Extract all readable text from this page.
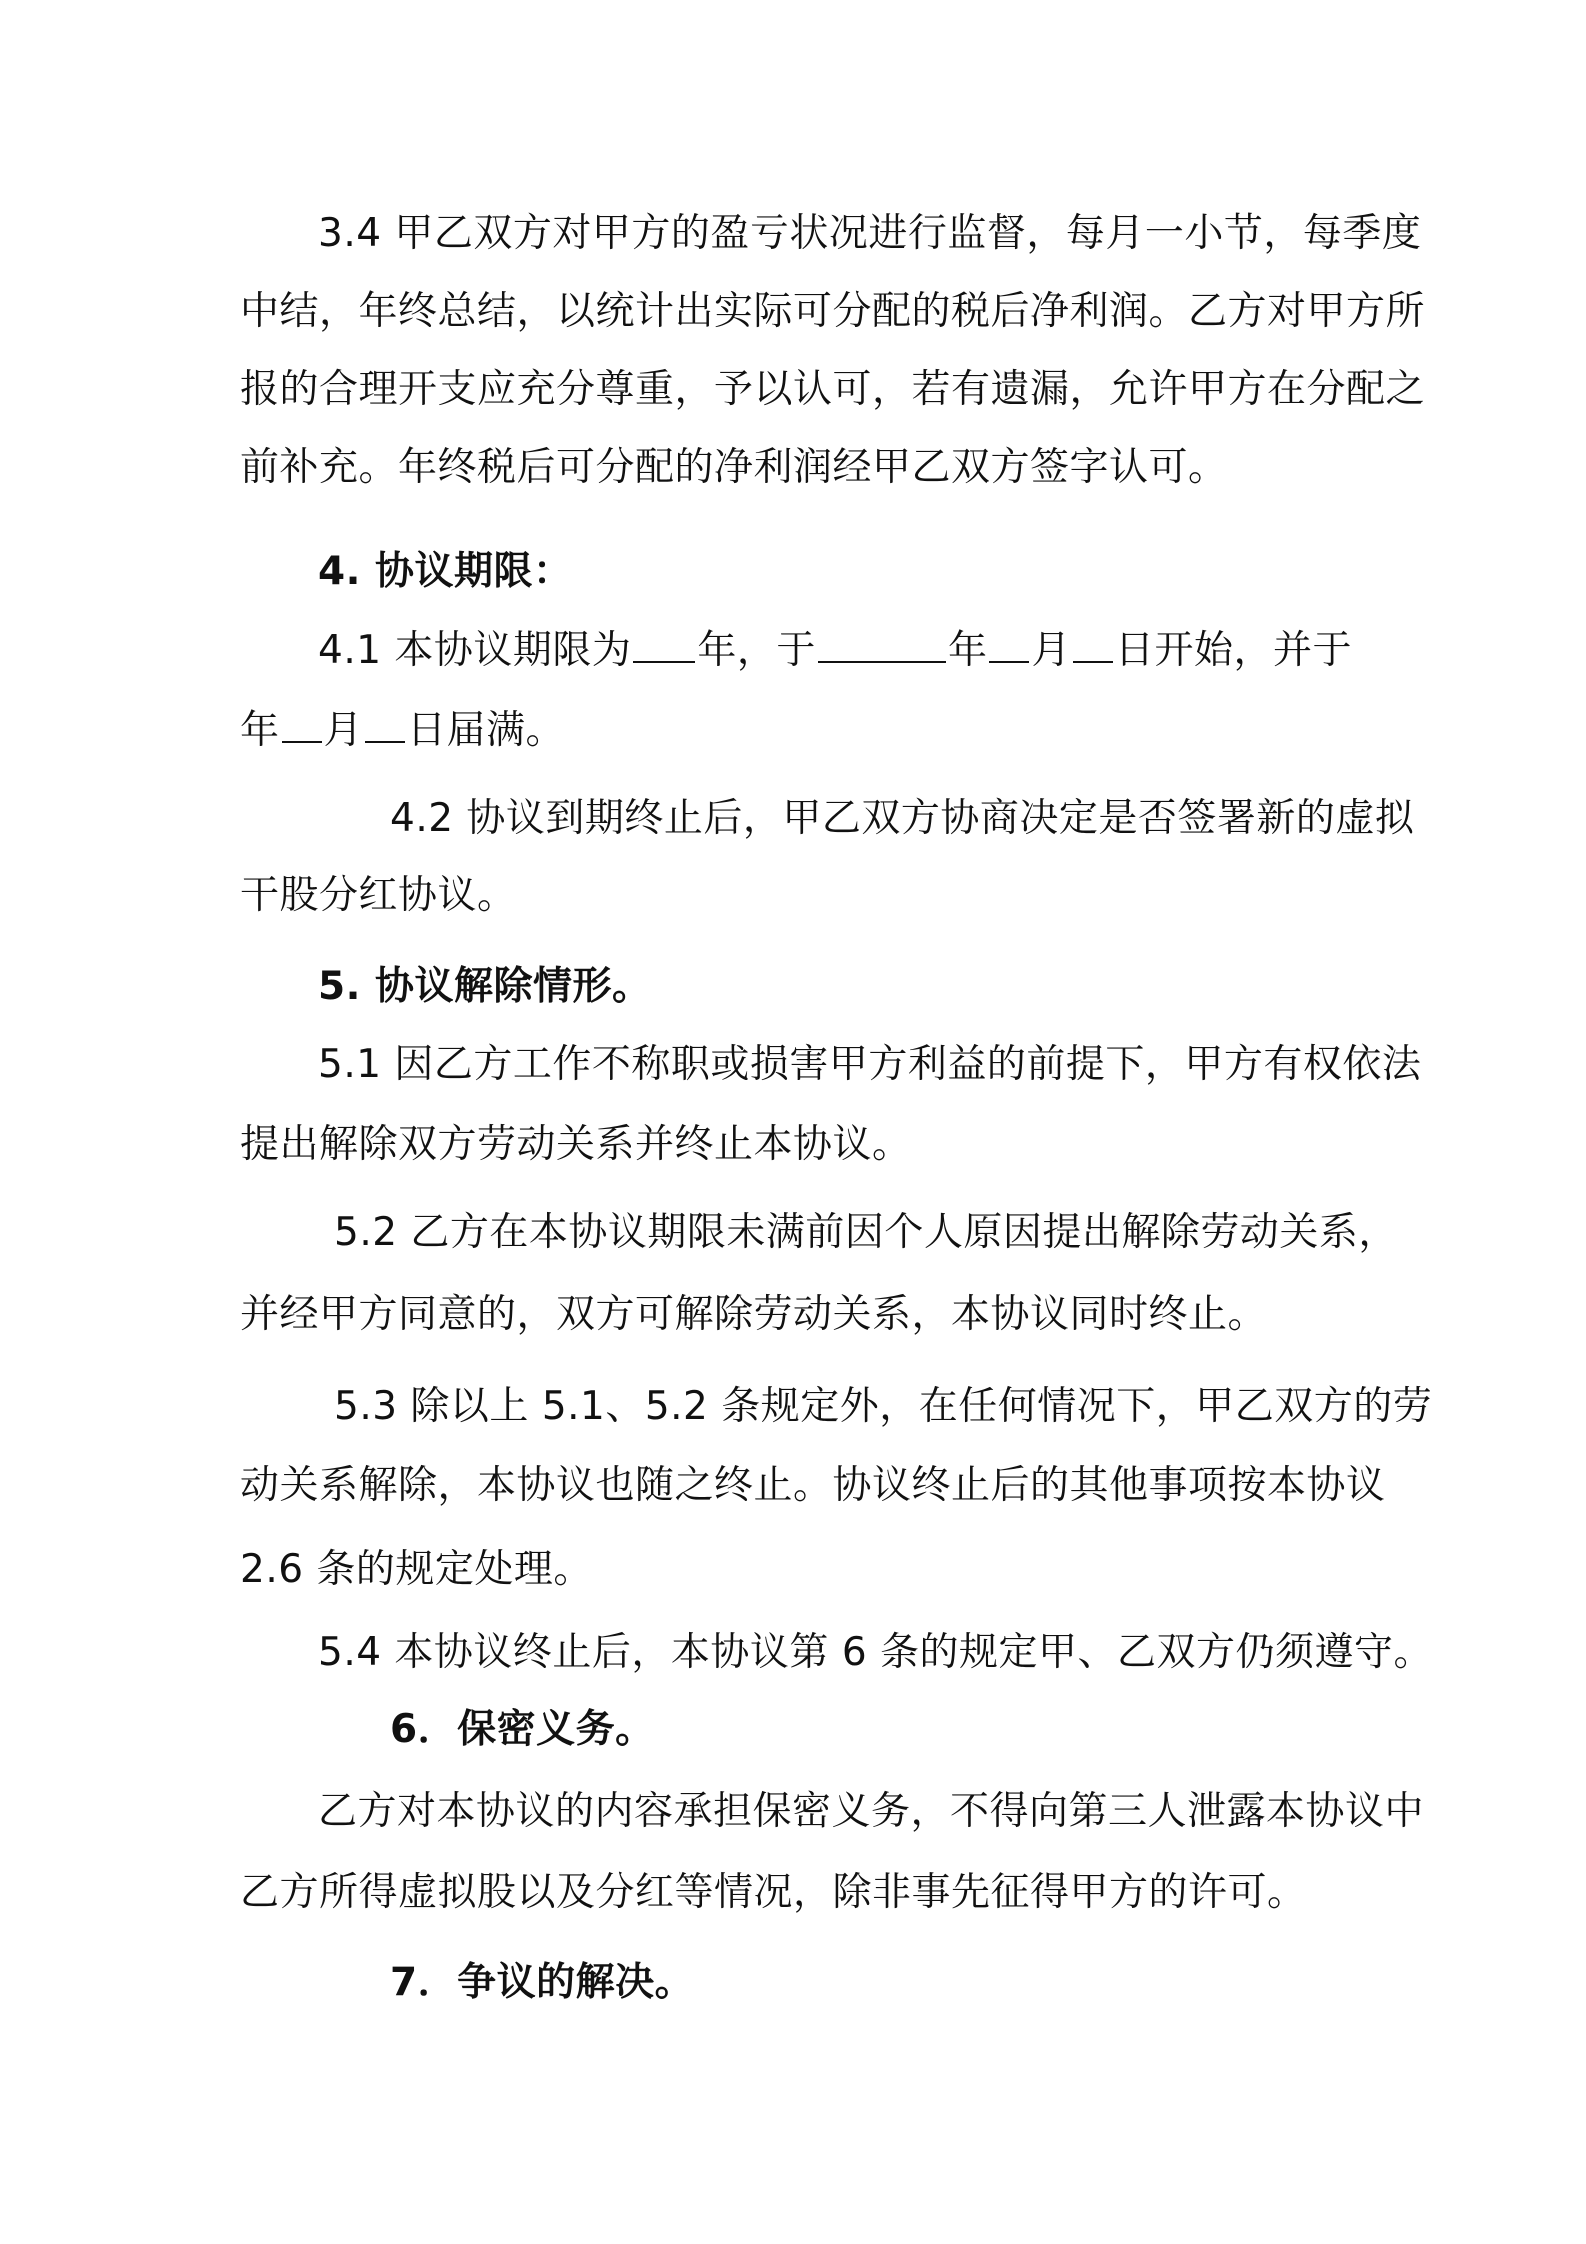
3.4 甲乙双方对甲方的盈亏状况进行监督，每月一小节，每季度
中结，年终总结，以统计出实际可分配的税后净利润。乙方对甲方所
报的合理开支应充分尊重，予以认可，若有遗漏，允许甲方在分配之
前补充。年终税后可分配的净利润经甲乙双方签字认可。
4. 协议期限：
4.1 本协议期限为 年，于	年 月 日开始，并于
年 月 日届满。
4.2 协议到期终止后，甲乙双方协商决定是否签署新的虚拟
干股分红协议。
5. 协议解除情形。
5.1 因乙方工作不称职或损害甲方利益的前提下，甲方有权依法
提出解除双方劳动关系并终止本协议。
5.2 乙方在本协议期限未满前因个人原因提出解除劳动关系，
并经甲方同意的，双方可解除劳动关系，本协议同时终止。
5.3 除以上 5.1、5.2 条规定外，在任何情况下，甲乙双方的劳
动关系解除，本协议也随之终止。协议终止后的其他事项按本协议
2.6 条的规定处理。
5.4 本协议终止后，本协议第 6 条的规定甲、乙双方仍须遵守。
6．保密义务。
乙方对本协议的内容承担保密义务，不得向第三人泄露本协议中
乙方所得虚拟股以及分红等情况，除非事先征得甲方的许可。
7．争议的解决。
